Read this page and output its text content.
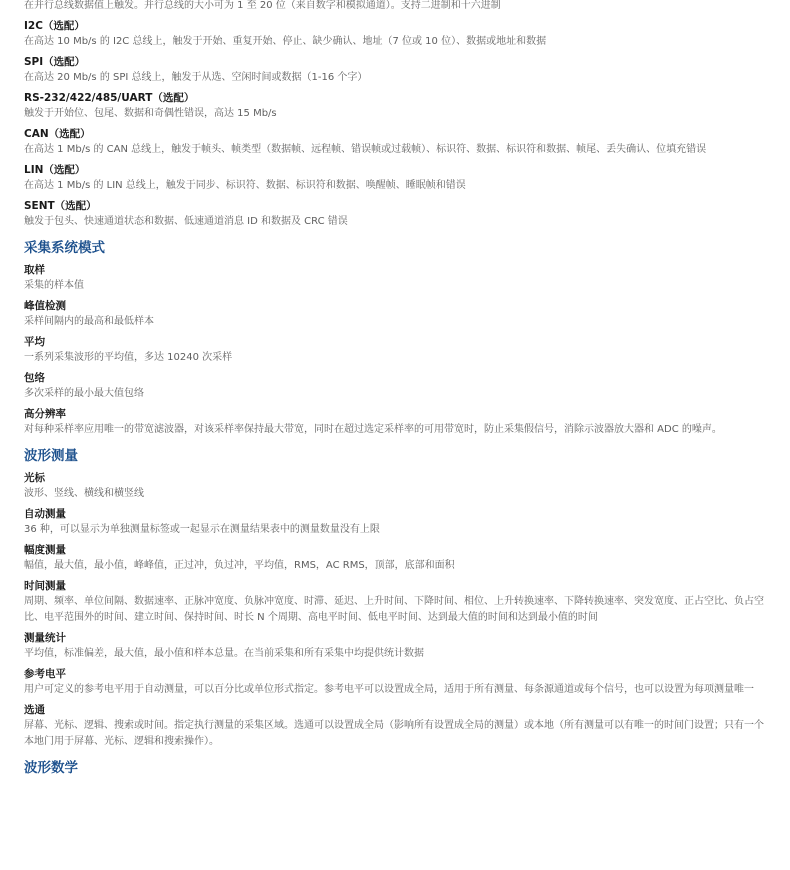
在并行总线数据值上触发。并行总线的大小可为 1 至 20 位（来自数字和模拟通道）。支持二进制和十六进制
I2C（选配）
在高达 10 Mb/s 的 I2C 总线上，触发于开始、重复开始、停止、缺少确认、地址（7 位或 10 位）、数据或地址和数据
SPI（选配）
在高达 20 Mb/s 的 SPI 总线上，触发于从选、空闲时间或数据（1-16 个字）
RS-232/422/485/UART（选配）
触发于开始位、包尾、数据和奇偶性错误，高达 15 Mb/s
CAN（选配）
在高达 1 Mb/s 的 CAN 总线上，触发于帧头、帧类型（数据帧、远程帧、错误帧或过载帧）、标识符、数据、标识符和数据、帧尾、丢失确认、位填充错误
LIN（选配）
在高达 1 Mb/s 的 LIN 总线上，触发于同步、标识符、数据、标识符和数据、唤醒帧、睡眠帧和错误
SENT（选配）
触发于包头、快速通道状态和数据、低速通道消息 ID 和数据及 CRC 错误
采集系统模式
取样
采集的样本值
峰值检测
采样间隔内的最高和最低样本
平均
一系列采集波形的平均值，多达 10240 次采样
包络
多次采样的最小最大值包络
高分辨率
对每种采样率应用唯一的带宽滤波器，对该采样率保持最大带宽，同时在超过选定采样率的可用带宽时，防止采集假信号，消除示波器放大器和 ADC 的噪声。
波形测量
光标
波形、竖线、横线和横竖线
自动测量
36 种，可以显示为单独测量标签或一起显示在测量结果表中的测量数量没有上限
幅度测量
幅值，最大值，最小值，峰峰值，正过冲，负过冲，平均值，RMS，AC RMS，顶部，底部和面积
时间测量
周期、频率、单位间隔、数据速率、正脉冲宽度、负脉冲宽度、时滞、延迟、上升时间、下降时间、相位、上升转换速率、下降转换速率、突发宽度、正占空比、负占空比、电平范围外的时间、建立时间、保持时间、时长 N 个周期、高电平时间、低电平时间、达到最大值的时间和达到最小值的时间
测量统计
平均值，标准偏差，最大值，最小值和样本总量。在当前采集和所有采集中均提供统计数据
参考电平
用户可定义的参考电平用于自动测量，可以百分比或单位形式指定。参考电平可以设置成全局，适用于所有测量、每条源通道或每个信号，也可以设置为每项测量唯一
选通
屏幕、光标、逻辑、搜索或时间。指定执行测量的采集区域。选通可以设置成全局（影响所有设置成全局的测量）或本地（所有测量可以有唯一的时间门设置；只有一个本地门用于屏幕、光标、逻辑和搜索操作）。
波形数学
